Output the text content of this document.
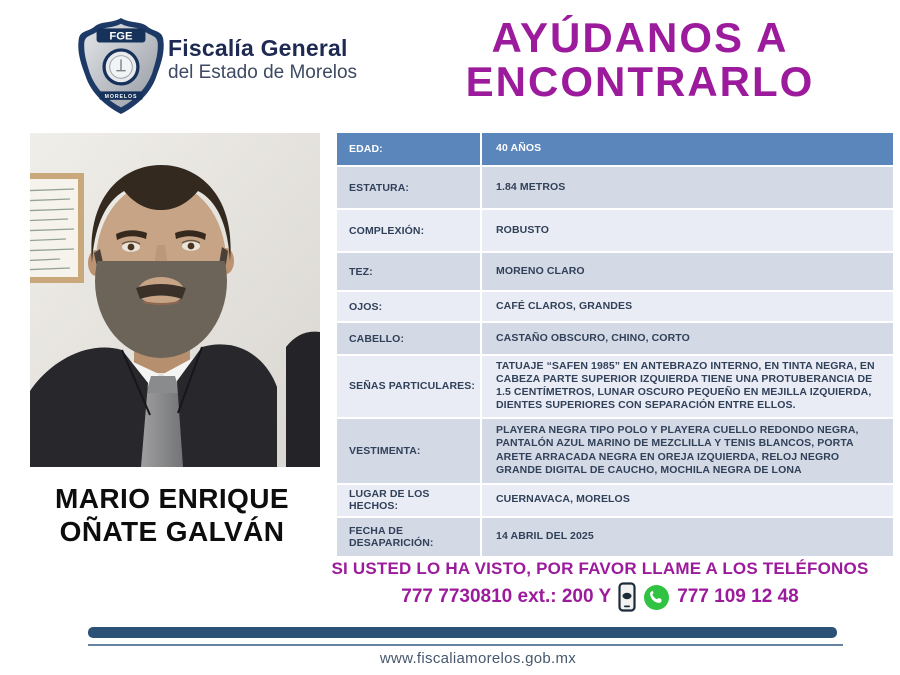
FGE
MORELOS
Fiscalía General
del Estado de Morelos
AYÚDANOS A
ENCONTRARLO
MARIO ENRIQUE
OÑATE GALVÁN
EDAD:	40 AÑOS
ESTATURA:	1.84 METROS
COMPLEXIÓN:	ROBUSTO
TEZ:	MORENO CLARO
OJOS:	CAFÉ CLAROS, GRANDES
CABELLO:	CASTAÑO OBSCURO, CHINO, CORTO
SEÑAS PARTICULARES:
TATUAJE “SAFEN 1985” EN ANTEBRAZO INTERNO, EN TINTA NEGRA, EN CABEZA PARTE SUPERIOR IZQUIERDA TIENE UNA PROTUBERANCIA DE 1.5 CENTÍMETROS, LUNAR OSCURO PEQUEÑO EN MEJILLA IZQUIERDA, DIENTES SUPERIORES CON SEPARACIÓN ENTRE ELLOS.
VESTIMENTA:
PLAYERA NEGRA TIPO POLO Y PLAYERA CUELLO REDONDO NEGRA, PANTALÓN AZUL MARINO DE MEZCLILLA Y TENIS BLANCOS, PORTA ARETE ARRACADA NEGRA EN OREJA IZQUIERDA, RELOJ NEGRO GRANDE DIGITAL DE CAUCHO, MOCHILA NEGRA DE LONA
LUGAR DE LOS HECHOS:
CUERNAVACA, MORELOS
FECHA DE DESAPARICIÓN:
14 ABRIL DEL 2025
SI USTED LO HA VISTO, POR FAVOR LLAME A LOS TELÉFONOS
777 7730810 ext.: 200 Y	777 109 12 48
www.fiscaliamorelos.gob.mx
